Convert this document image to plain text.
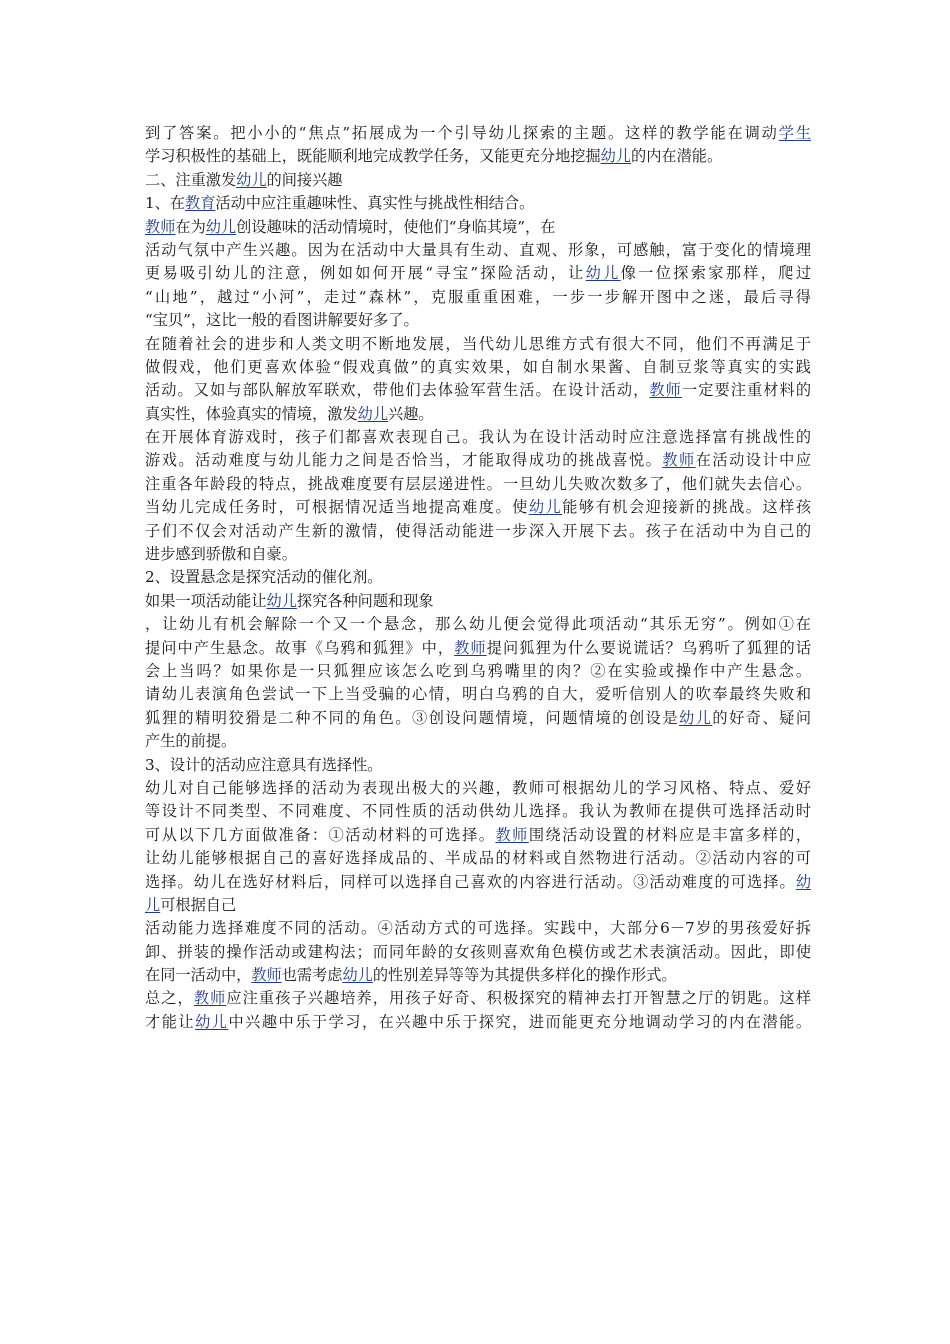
到了答案。把小小的“焦点”拓展成为一个引导幼儿探索的主题。这样的教学能在调动学生
学习积极性的基础上，既能顺利地完成教学任务，又能更充分地挖掘幼儿的内在潜能。
二、注重激发幼儿的间接兴趣
1、在教育活动中应注重趣味性、真实性与挑战性相结合。
教师在为幼儿创设趣味的活动情境时，使他们“身临其境”，在
活动气氛中产生兴趣。因为在活动中大量具有生动、直观、形象，可感触，富于变化的情境理
更易吸引幼儿的注意，例如如何开展“寻宝”探险活动，让幼儿像一位探索家那样，爬过
“山地”，越过“小河”，走过“森林”，克服重重困难，一步一步解开图中之迷，最后寻得
“宝贝”，这比一般的看图讲解要好多了。
在随着社会的进步和人类文明不断地发展，当代幼儿思维方式有很大不同，他们不再满足于
做假戏，他们更喜欢体验“假戏真做”的真实效果，如自制水果酱、自制豆浆等真实的实践
活动。又如与部队解放军联欢，带他们去体验军营生活。在设计活动，教师一定要注重材料的
真实性，体验真实的情境，激发幼儿兴趣。
在开展体育游戏时，孩子们都喜欢表现自己。我认为在设计活动时应注意选择富有挑战性的
游戏。活动难度与幼儿能力之间是否恰当，才能取得成功的挑战喜悦。教师在活动设计中应
注重各年龄段的特点，挑战难度要有层层递进性。一旦幼儿失败次数多了，他们就失去信心。
当幼儿完成任务时，可根据情况适当地提高难度。使幼儿能够有机会迎接新的挑战。这样孩
子们不仅会对活动产生新的激情，使得活动能进一步深入开展下去。孩子在活动中为自己的
进步感到骄傲和自豪。
2、设置悬念是探究活动的催化剂。
如果一项活动能让幼儿探究各种问题和现象
，让幼儿有机会解除一个又一个悬念，那么幼儿便会觉得此项活动“其乐无穷”。例如①在
提问中产生悬念。故事《乌鸦和狐狸》中，教师提问狐狸为什么要说谎话？乌鸦听了狐狸的话
会上当吗？如果你是一只狐狸应该怎么吃到乌鸦嘴里的肉？②在实验或操作中产生悬念。
请幼儿表演角色尝试一下上当受骗的心情，明白乌鸦的自大，爱听信别人的吹奉最终失败和
狐狸的精明狡猾是二种不同的角色。③创设问题情境，问题情境的创设是幼儿的好奇、疑问
产生的前提。
3、设计的活动应注意具有选择性。
幼儿对自己能够选择的活动为表现出极大的兴趣，教师可根据幼儿的学习风格、特点、爱好
等设计不同类型、不同难度、不同性质的活动供幼儿选择。我认为教师在提供可选择活动时
可从以下几方面做准备：①活动材料的可选择。教师围绕活动设置的材料应是丰富多样的，
让幼儿能够根据自己的喜好选择成品的、半成品的材料或自然物进行活动。②活动内容的可
选择。幼儿在选好材料后，同样可以选择自己喜欢的内容进行活动。③活动难度的可选择。幼
儿可根据自己
活动能力选择难度不同的活动。④活动方式的可选择。实践中，大部分6－7岁的男孩爱好拆
卸、拼装的操作活动或建构法；而同年龄的女孩则喜欢角色模仿或艺术表演活动。因此，即使
在同一活动中，教师也需考虑幼儿的性别差异等等为其提供多样化的操作形式。
总之，教师应注重孩子兴趣培养，用孩子好奇、积极探究的精神去打开智慧之厅的钥匙。这样
才能让幼儿中兴趣中乐于学习，在兴趣中乐于探究，进而能更充分地调动学习的内在潜能。
